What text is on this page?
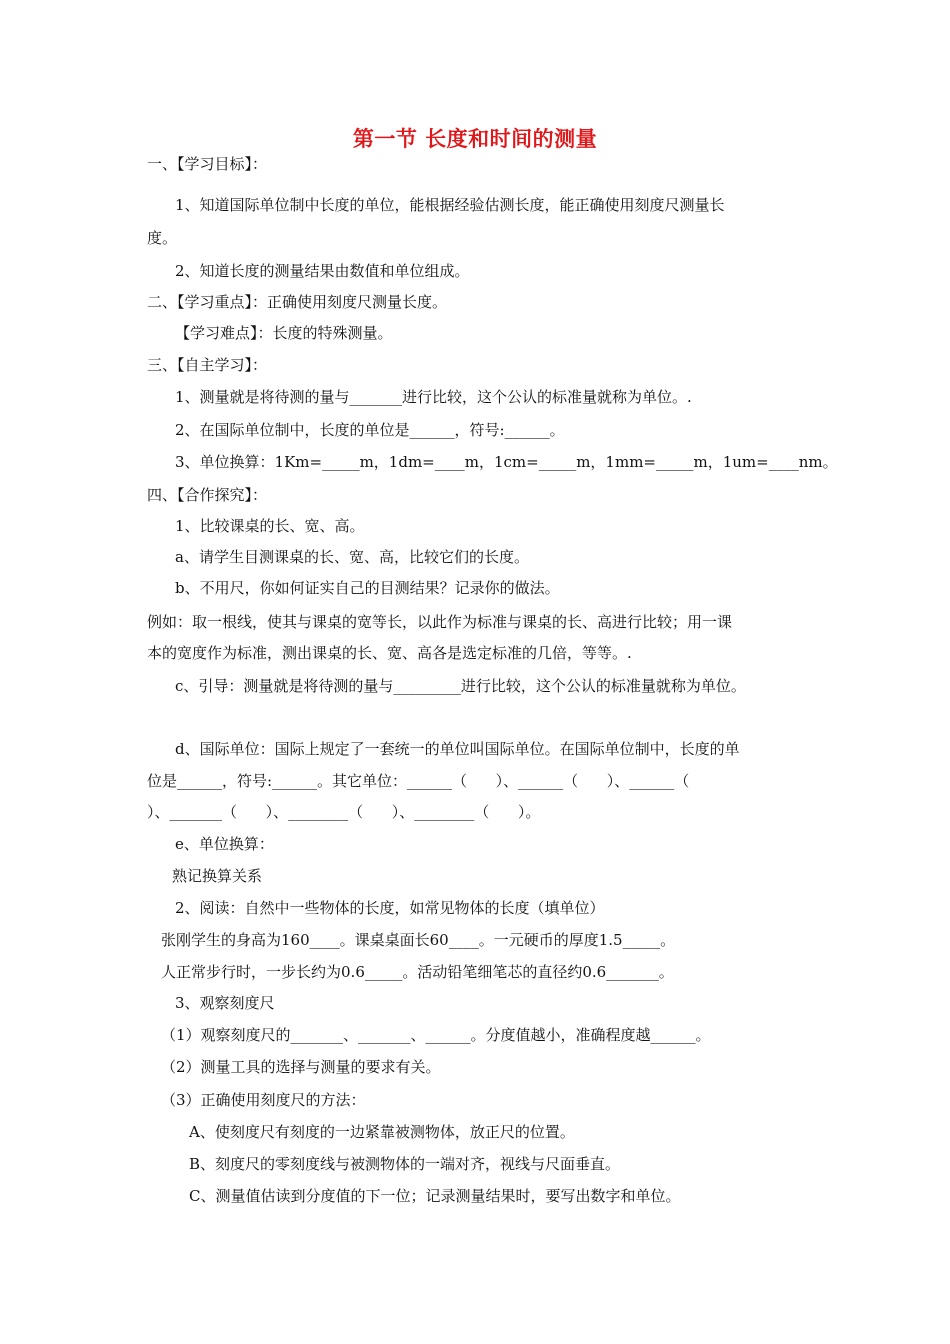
第一节 长度和时间的测量
一、【学习目标】：
1、知道国际单位制中长度的单位，能根据经验估测长度，能正确使用刻度尺测量长
度。
2、知道长度的测量结果由数值和单位组成。
二、【学习重点】：正确使用刻度尺测量长度。
【学习难点】：长度的特殊测量。
三、【自主学习】：
1、测量就是将待测的量与_______进行比较，这个公认的标准量就称为单位。.
2、在国际单位制中，长度的单位是______，符号:______。
3、单位换算：1Km=_____m，1dm=____m，1cm=_____m，1mm=_____m，1um=____nm。
四、【合作探究】：
1、比较课桌的长、宽、高。
a、请学生目测课桌的长、宽、高，比较它们的长度。
b、不用尺，你如何证实自己的目测结果？记录你的做法。
例如：取一根线，使其与课桌的宽等长，以此作为标准与课桌的长、高进行比较；用一课
本的宽度作为标准，测出课桌的长、宽、高各是选定标准的几倍，等等。.
c、引导：测量就是将待测的量与_________进行比较，这个公认的标准量就称为单位。
d、国际单位：国际上规定了一套统一的单位叫国际单位。在国际单位制中，长度的单
位是______，符号:______。其它单位：______（      ）、______（      ）、______（
）、_______（      ）、________（      ）、________（      ）。
e、单位换算：
熟记换算关系
2、阅读：自然中一些物体的长度，如常见物体的长度（填单位）
张刚学生的身高为160____。课桌桌面长60____。一元硬币的厚度1.5_____。
人正常步行时，一步长约为0.6_____。活动铅笔细笔芯的直径约0.6_______。
3、观察刻度尺
（1）观察刻度尺的_______、_______、______。分度值越小，准确程度越______。
（2）测量工具的选择与测量的要求有关。
（3）正确使用刻度尺的方法：
A、使刻度尺有刻度的一边紧靠被测物体，放正尺的位置。
B、刻度尺的零刻度线与被测物体的一端对齐，视线与尺面垂直。
C、测量值估读到分度值的下一位；记录测量结果时，要写出数字和单位。
